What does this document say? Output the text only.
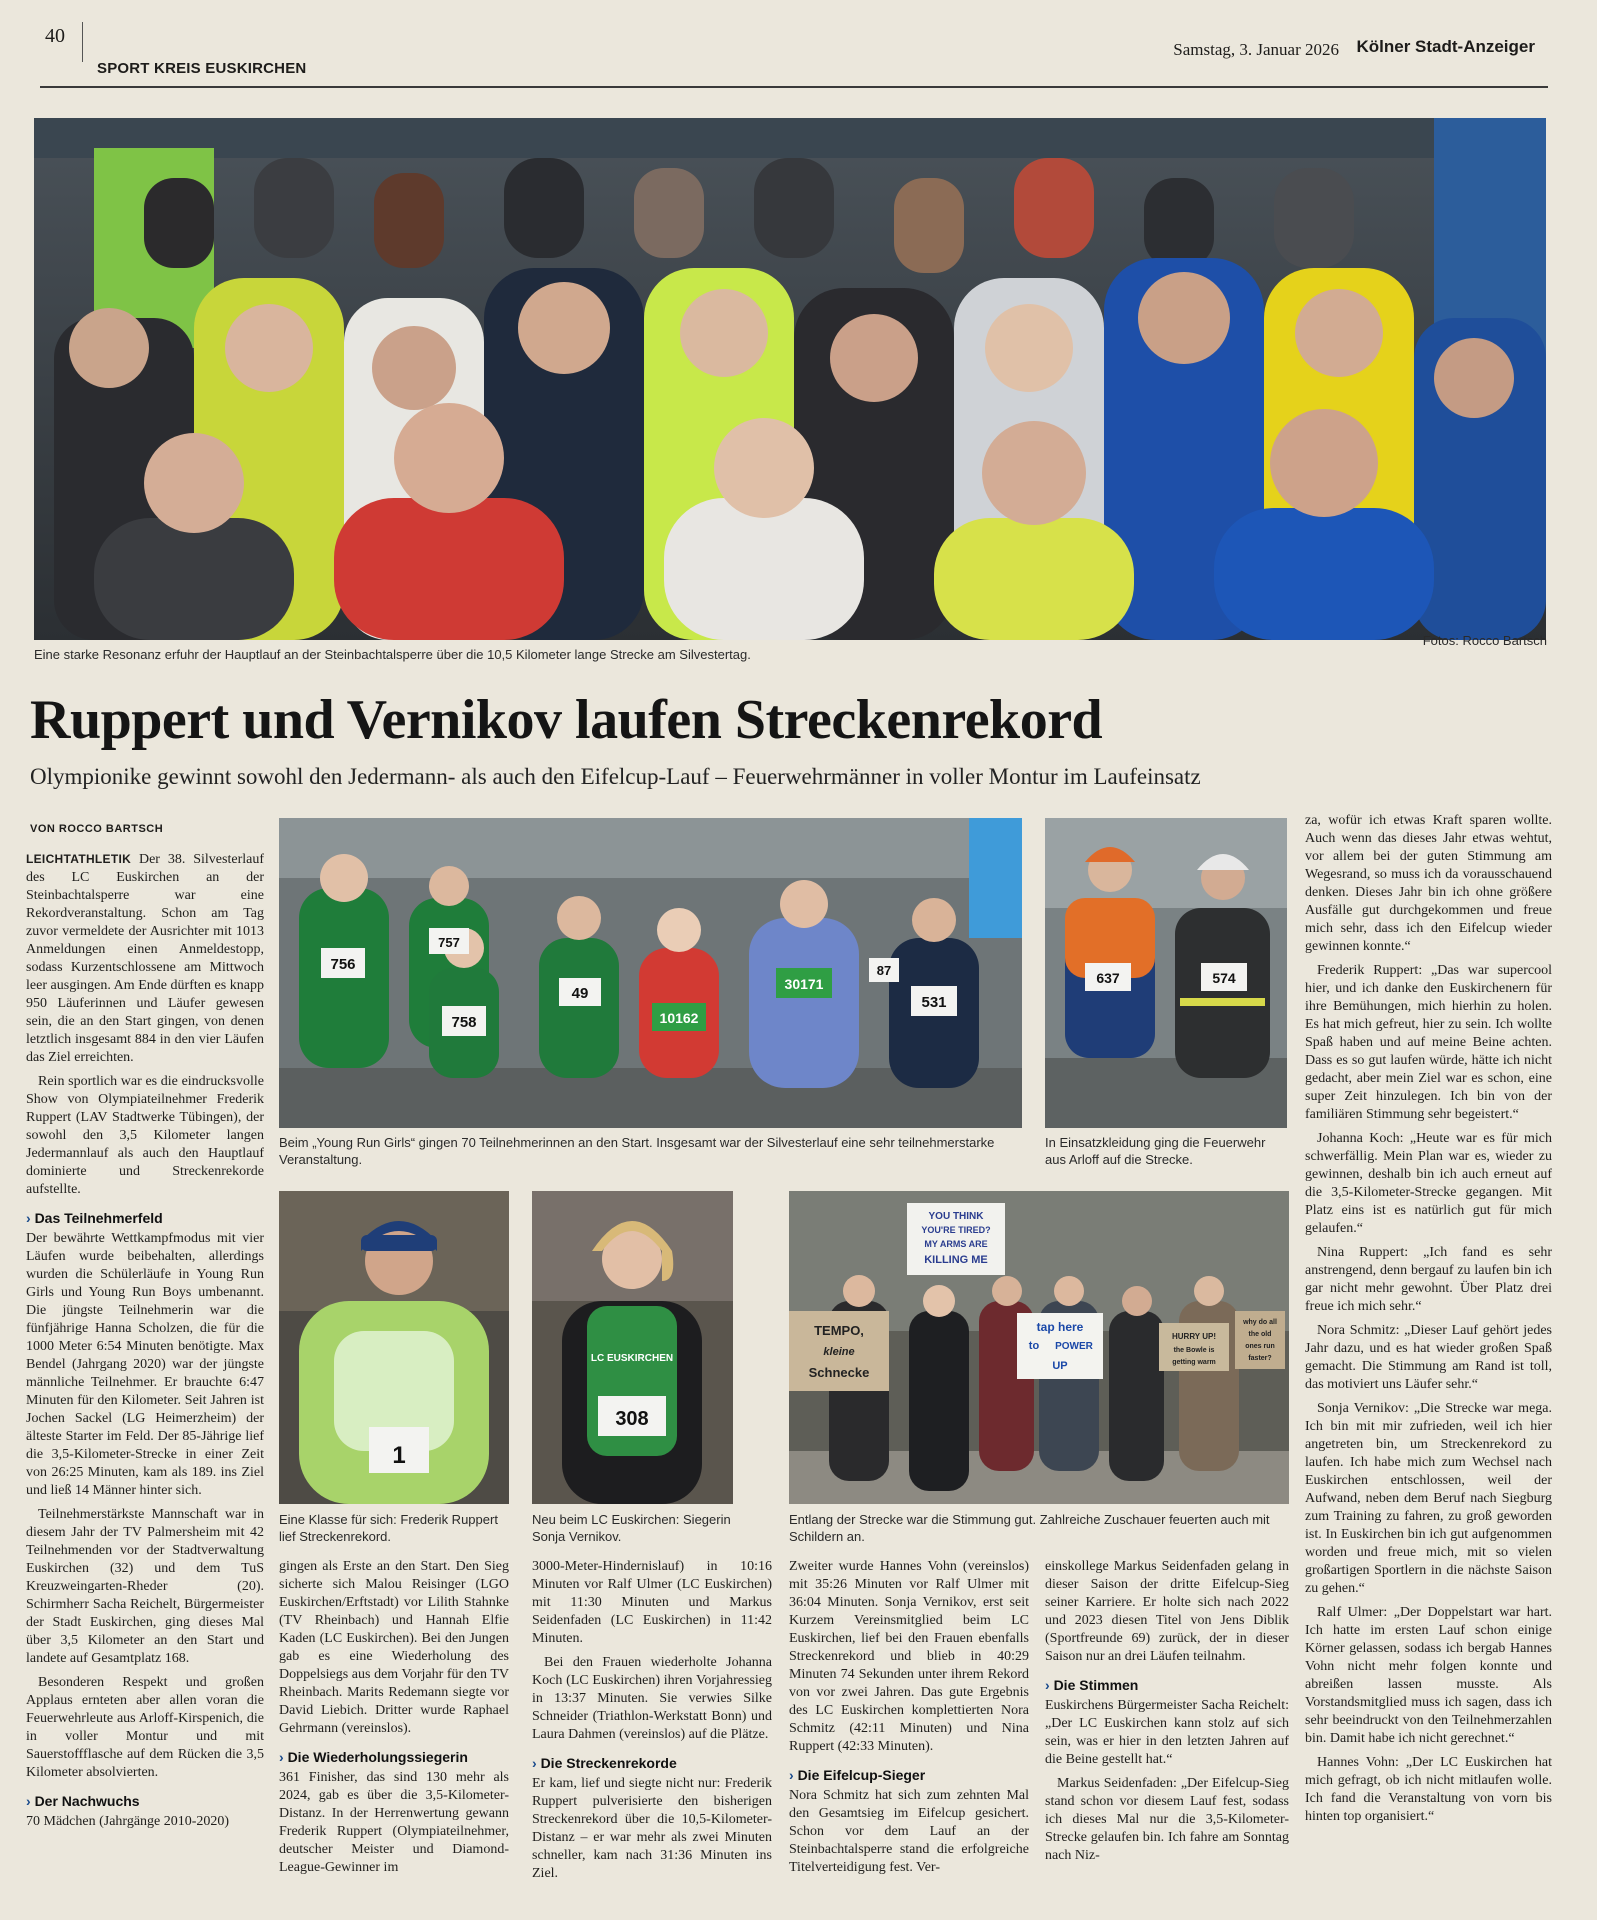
40
SPORT KREIS EUSKIRCHEN
Samstag, 3. Januar 2026 Kölner Stadt-Anzeiger
Eine starke Resonanz erfuhr der Hauptlauf an der Steinbachtalsperre über die 10,5 Kilometer lange Strecke am Silvestertag.
Fotos: Rocco Bartsch
Ruppert und Vernikov laufen Streckenrekord
Olympionike gewinnt sowohl den Jedermann- als auch den Eifelcup-Lauf – Feuerwehrmänner in voller Montur im Laufeinsatz
VON ROCCO BARTSCH

LEICHTATHLETIK Der 38. Silvesterlauf des LC Euskirchen an der Steinbachtalsperre war eine Rekordveranstaltung. Schon am Tag zuvor vermeldete der Ausrichter mit 1013 Anmeldungen einen Anmeldestopp, sodass Kurzentschlossene am Mittwoch leer ausgingen. Am Ende dürften es knapp 950 Läuferinnen und Läufer gewesen sein, die an den Start gingen, von denen letztlich insgesamt 884 in den vier Läufen das Ziel erreichten.

Rein sportlich war es die eindrucksvolle Show von Olympiateilnehmer Frederik Ruppert (LAV Stadtwerke Tübingen), der sowohl den 3,5 Kilometer langen Jedermannlauf als auch den Hauptlauf dominierte und Streckenrekorde aufstellte.

› Das Teilnehmerfeld

Der bewährte Wettkampfmodus mit vier Läufen wurde beibehalten, allerdings wurden die Schülerläufe in Young Run Girls und Young Run Boys umbenannt. Die jüngste Teilnehmerin war die fünfjährige Hanna Scholzen, die für die 1000 Meter 6:54 Minuten benötigte. Max Bendel (Jahrgang 2020) war der jüngste männliche Teilnehmer. Er brauchte 6:47 Minuten für den Kilometer. Seit Jahren ist Jochen Sackel (LG Heimerzheim) der älteste Starter im Feld. Der 85-Jährige lief die 3,5-Kilometer-Strecke in einer Zeit von 26:25 Minuten, kam als 189. ins Ziel und ließ 14 Männer hinter sich.

Teilnehmerstärkste Mannschaft war in diesem Jahr der TV Palmersheim mit 42 Teilnehmenden vor der Stadtverwaltung Euskirchen (32) und dem TuS Kreuzweingarten-Rheder (20). Schirmherr Sacha Reichelt, Bürgermeister der Stadt Euskirchen, ging dieses Mal über 3,5 Kilometer an den Start und landete auf Gesamtplatz 168.

Besonderen Respekt und großen Applaus ernteten aber allen voran die Feuerwehrleute aus Arloff-Kirspenich, die in voller Montur und mit Sauerstoffflasche auf dem Rücken die 3,5 Kilometer absolvierten.

› Der Nachwuchs

70 Mädchen (Jahrgänge 2010-2020)

756
757
758
49
10162
30171
531
87
Beim „Young Run Girls“ gingen 70 Teilnehmerinnen an den Start. Insgesamt war der Silvesterlauf eine sehr teilnehmerstarke Veranstaltung.
637	574
In Einsatzkleidung ging die Feuerwehr aus Arloff auf die Strecke.
1
Eine Klasse für sich: Frederik Ruppert lief Streckenrekord.
LC EUSKIRCHEN
308
Neu beim LC Euskirchen: Siegerin Sonja Vernikov.
YOU THINK
YOU'RE TIRED?
MY ARMS ARE
KILLING ME
TEMPO,
kleine
Schnecke
tap here
to POWER
UP
HURRY UP!
the Bowle is
getting warm
why do all
the old
ones run
faster?
Entlang der Strecke war die Stimmung gut. Zahlreiche Zuschauer feuerten auch mit Schildern an.

gingen als Erste an den Start. Den Sieg sicherte sich Malou Reisinger (LGO Euskirchen/Erftstadt) vor Lilith Stahnke (TV Rheinbach) und Hannah Elfie Kaden (LC Euskirchen). Bei den Jungen gab es eine Wiederholung des Doppelsiegs aus dem Vorjahr für den TV Rheinbach. Marits Redemann siegte vor David Liebich. Dritter wurde Raphael Gehrmann (vereinslos).

› Die Wiederholungssiegerin

361 Finisher, das sind 130 mehr als 2024, gab es über die 3,5-Kilometer-Distanz. In der Herrenwertung gewann Frederik Ruppert (Olympiateilnehmer, deutscher Meister und Diamond-League-Gewinner im

3000-Meter-Hindernislauf) in 10:16 Minuten vor Ralf Ulmer (LC Euskirchen) mit 11:30 Minuten und Markus Seidenfaden (LC Euskirchen) in 11:42 Minuten.

Bei den Frauen wiederholte Johanna Koch (LC Euskirchen) ihren Vorjahressieg in 13:37 Minuten. Sie verwies Silke Schneider (Triathlon-Werkstatt Bonn) und Laura Dahmen (vereinslos) auf die Plätze.

› Die Streckenrekorde

Er kam, lief und siegte nicht nur: Frederik Ruppert pulverisierte den bisherigen Streckenrekord über die 10,5-Kilometer-Distanz – er war mehr als zwei Minuten schneller, kam nach 31:36 Minuten ins Ziel.

Zweiter wurde Hannes Vohn (vereinslos) mit 35:26 Minuten vor Ralf Ulmer mit 36:04 Minuten. Sonja Vernikov, erst seit Kurzem Vereinsmitglied beim LC Euskirchen, lief bei den Frauen ebenfalls Streckenrekord und blieb in 40:29 Minuten 74 Sekunden unter ihrem Rekord von vor zwei Jahren. Das gute Ergebnis des LC Euskirchen komplettierten Nora Schmitz (42:11 Minuten) und Nina Ruppert (42:33 Minuten).

› Die Eifelcup-Sieger

Nora Schmitz hat sich zum zehnten Mal den Gesamtsieg im Eifelcup gesichert. Schon vor dem Lauf an der Steinbachtalsperre stand die erfolgreiche Titelverteidigung fest. Ver-

einskollege Markus Seidenfaden gelang in dieser Saison der dritte Eifelcup-Sieg seiner Karriere. Er holte sich nach 2022 und 2023 diesen Titel von Jens Diblik (Sportfreunde 69) zurück, der in dieser Saison nur an drei Läufen teilnahm.

› Die Stimmen

Euskirchens Bürgermeister Sacha Reichelt: „Der LC Euskirchen kann stolz auf sich sein, was er hier in den letzten Jahren auf die Beine gestellt hat.“

Markus Seidenfaden: „Der Eifelcup-Sieg stand schon vor diesem Lauf fest, sodass ich dieses Mal nur die 3,5-Kilometer-Strecke gelaufen bin. Ich fahre am Sonntag nach Niz-

za, wofür ich etwas Kraft sparen wollte. Auch wenn das dieses Jahr etwas wehtut, vor allem bei der guten Stimmung am Wegesrand, so muss ich da vorausschauend denken. Dieses Jahr bin ich ohne größere Ausfälle gut durchgekommen und freue mich sehr, dass ich den Eifelcup wieder gewinnen konnte.“

Frederik Ruppert: „Das war supercool hier, und ich danke den Euskirchenern für ihre Bemühungen, mich hierhin zu holen. Es hat mich gefreut, hier zu sein. Ich wollte Spaß haben und auf meine Beine achten. Dass es so gut laufen würde, hätte ich nicht gedacht, aber mein Ziel war es schon, eine super Zeit hinzulegen. Ich bin von der familiären Stimmung sehr begeistert.“

Johanna Koch: „Heute war es für mich schwerfällig. Mein Plan war es, wieder zu gewinnen, deshalb bin ich auch erneut auf die 3,5-Kilometer-Strecke gegangen. Mit Platz eins ist es natürlich gut für mich gelaufen.“

Nina Ruppert: „Ich fand es sehr anstrengend, denn bergauf zu laufen bin ich gar nicht mehr gewohnt. Über Platz drei freue ich mich sehr.“

Nora Schmitz: „Dieser Lauf gehört jedes Jahr dazu, und es hat wieder großen Spaß gemacht. Die Stimmung am Rand ist toll, das motiviert uns Läufer sehr.“

Sonja Vernikov: „Die Strecke war mega. Ich bin mit mir zufrieden, weil ich hier angetreten bin, um Streckenrekord zu laufen. Ich habe mich zum Wechsel nach Euskirchen entschlossen, weil der Aufwand, neben dem Beruf nach Siegburg zum Training zu fahren, zu groß geworden ist. In Euskirchen bin ich gut aufgenommen worden und freue mich, mit so vielen großartigen Sportlern in die nächste Saison zu gehen.“

Ralf Ulmer: „Der Doppelstart war hart. Ich hatte im ersten Lauf schon einige Körner gelassen, sodass ich bergab Hannes Vohn nicht mehr folgen konnte und abreißen lassen musste. Als Vorstandsmitglied muss ich sagen, dass ich sehr beeindruckt von den Teilnehmerzahlen bin. Damit habe ich nicht gerechnet.“

Hannes Vohn: „Der LC Euskirchen hat mich gefragt, ob ich nicht mitlaufen wolle. Ich fand die Veranstaltung von vorn bis hinten top organisiert.“
